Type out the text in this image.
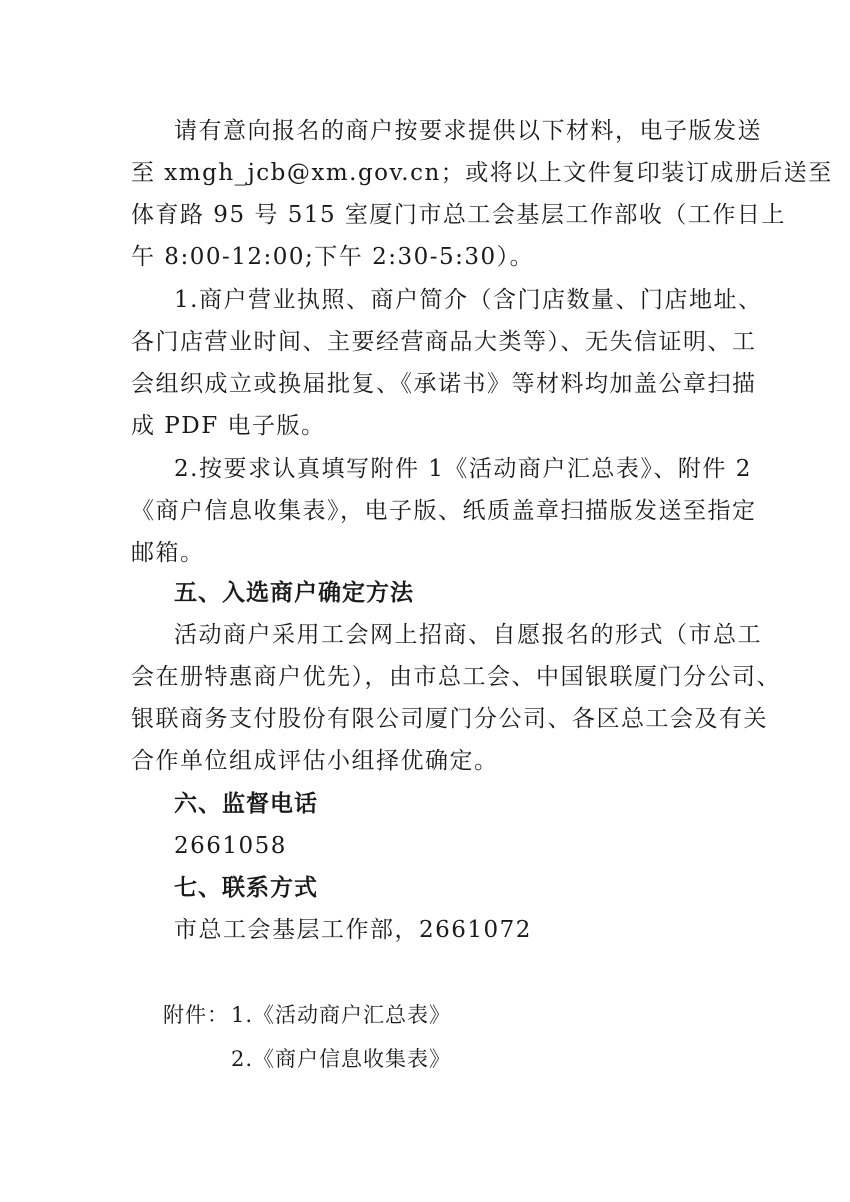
请有意向报名的商户按要求提供以下材料，电子版发送
至 xmgh_jcb@xm.gov.cn；或将以上文件复印装订成册后送至
体育路 95 号 515 室厦门市总工会基层工作部收（工作日上
午 8:00-12:00;下午 2:30-5:30）。
1.商户营业执照、商户简介（含门店数量、门店地址、
各门店营业时间、主要经营商品大类等）、无失信证明、工
会组织成立或换届批复、《承诺书》等材料均加盖公章扫描
成 PDF 电子版。
2.按要求认真填写附件 1《活动商户汇总表》、附件 2
《商户信息收集表》，电子版、纸质盖章扫描版发送至指定
邮箱。
五、入选商户确定方法
活动商户采用工会网上招商、自愿报名的形式（市总工
会在册特惠商户优先），由市总工会、中国银联厦门分公司、
银联商务支付股份有限公司厦门分公司、各区总工会及有关
合作单位组成评估小组择优确定。
六、监督电话
2661058
七、联系方式
市总工会基层工作部，2661072
附件： 1.《活动商户汇总表》
2.《商户信息收集表》
